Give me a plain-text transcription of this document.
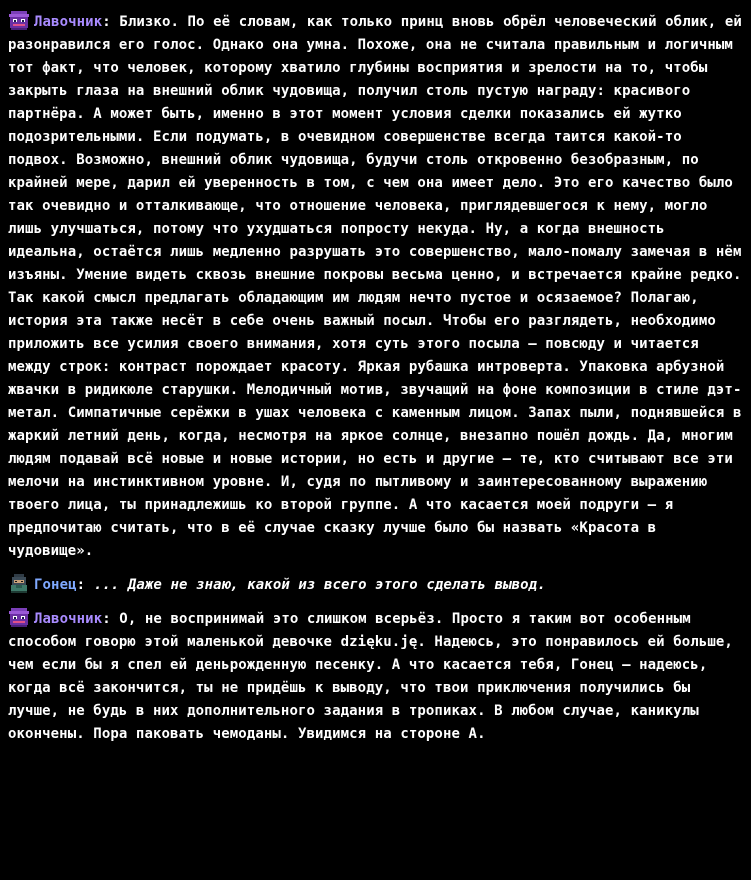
Лавочник: Близко. По её словам, как только принц вновь обрёл человеческий облик, ей разонравился его голос. Однако она умна. Похоже, она не считала правильным и логичным тот факт, что человек, которому хватило глубины восприятия и зрелости на то, чтобы закрыть глаза на внешний облик чудовища, получил столь пустую награду: красивого партнёра. А может быть, именно в этот момент условия сделки показались ей жутко подозрительными. Если подумать, в очевидном совершенстве всегда таится какой-то подвох. Возможно, внешний облик чудовища, будучи столь откровенно безобразным, по крайней мере, дарил ей уверенность в том, с чем она имеет дело. Это его качество было так очевидно и отталкивающе, что отношение человека, приглядевшегося к нему, могло лишь улучшаться, потому что ухудшаться попросту некуда. Ну, а когда внешность идеальна, остаётся лишь медленно разрушать это совершенство, мало-помалу замечая в нём изъяны. Умение видеть сквозь внешние покровы весьма ценно, и встречается крайне редко. Так какой смысл предлагать обладающим им людям нечто пустое и осязаемое? Полагаю, история эта также несёт в себе очень важный посыл. Чтобы его разглядеть, необходимо приложить все усилия своего внимания, хотя суть этого посыла — повсюду и читается между строк: контраст порождает красоту. Яркая рубашка интроверта. Упаковка арбузной жвачки в ридикюле старушки. Мелодичный мотив, звучащий на фоне композиции в стиле дэт-метал. Симпатичные серёжки в ушах человека с каменным лицом. Запах пыли, поднявшейся в жаркий летний день, когда, несмотря на яркое солнце, внезапно пошёл дождь. Да, многим людям подавай всё новые и новые истории, но есть и другие — те, кто считывают все эти мелочи на инстинктивном уровне. И, судя по пытливому и заинтересованному выражению твоего лица, ты принадлежишь ко второй группе. А что касается моей подруги — я предпочитаю считать, что в её случае сказку лучше было бы назвать «Красота в чудовище».
Гонец: ... Даже не знаю, какой из всего этого сделать вывод.
Лавочник: О, не воспринимай это слишком всерьёз. Просто я таким вот особенным способом говорю этой маленькой девочке dzięku.ję. Надеюсь, это понравилось ей больше, чем если бы я спел ей деньрожденную песенку. А что касается тебя, Гонец — надеюсь, когда всё закончится, ты не придёшь к выводу, что твои приключения получились бы лучше, не будь в них дополнительного задания в тропиках. В любом случае, каникулы окончены. Пора паковать чемоданы. Увидимся на стороне А.
